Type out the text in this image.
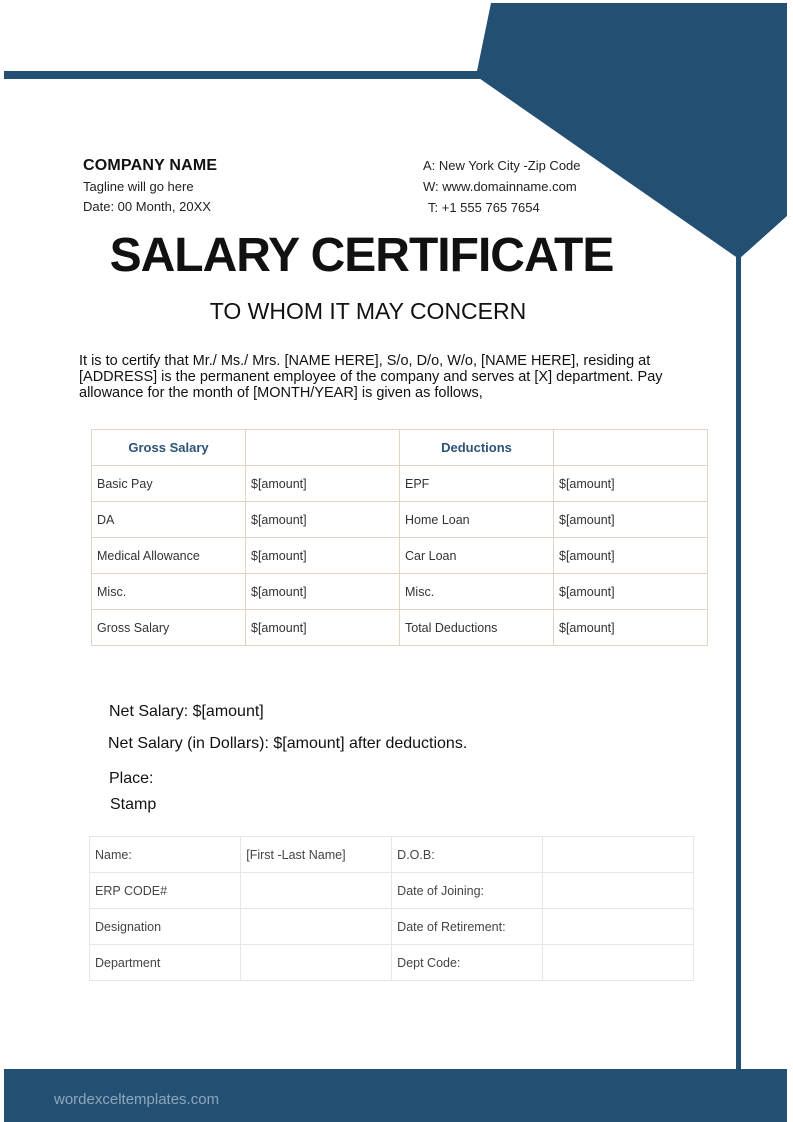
COMPANY NAME

Tagline will go here

Date: 00 Month, 20XX

A: New York City -Zip Code

W: www.domainname.com

T: +1 555 765 7654

SALARY CERTIFICATE
TO WHOM IT MAY CONCERN

It is to certify that Mr./ Ms./ Mrs. [NAME HERE], S/o, D/o, W/o, [NAME HERE], residing at [ADDRESS] is the permanent employee of the company and serves at [X] department. Pay allowance for the month of [MONTH/YEAR] is given as follows,

Gross Salary		Deductions	
Basic Pay	$[amount]	EPF	$[amount]
DA	$[amount]	Home Loan	$[amount]
Medical Allowance	$[amount]	Car Loan	$[amount]
Misc.	$[amount]	Misc.	$[amount]
Gross Salary	$[amount]	Total Deductions	$[amount]

Net Salary: $[amount]

Net Salary (in Dollars): $[amount] after deductions.

Place:

Stamp

Name:	[First -Last Name]	D.O.B:	
ERP CODE#		Date of Joining:	
Designation		Date of Retirement:	
Department		Dept Code:	
wordexceltemplates.com
